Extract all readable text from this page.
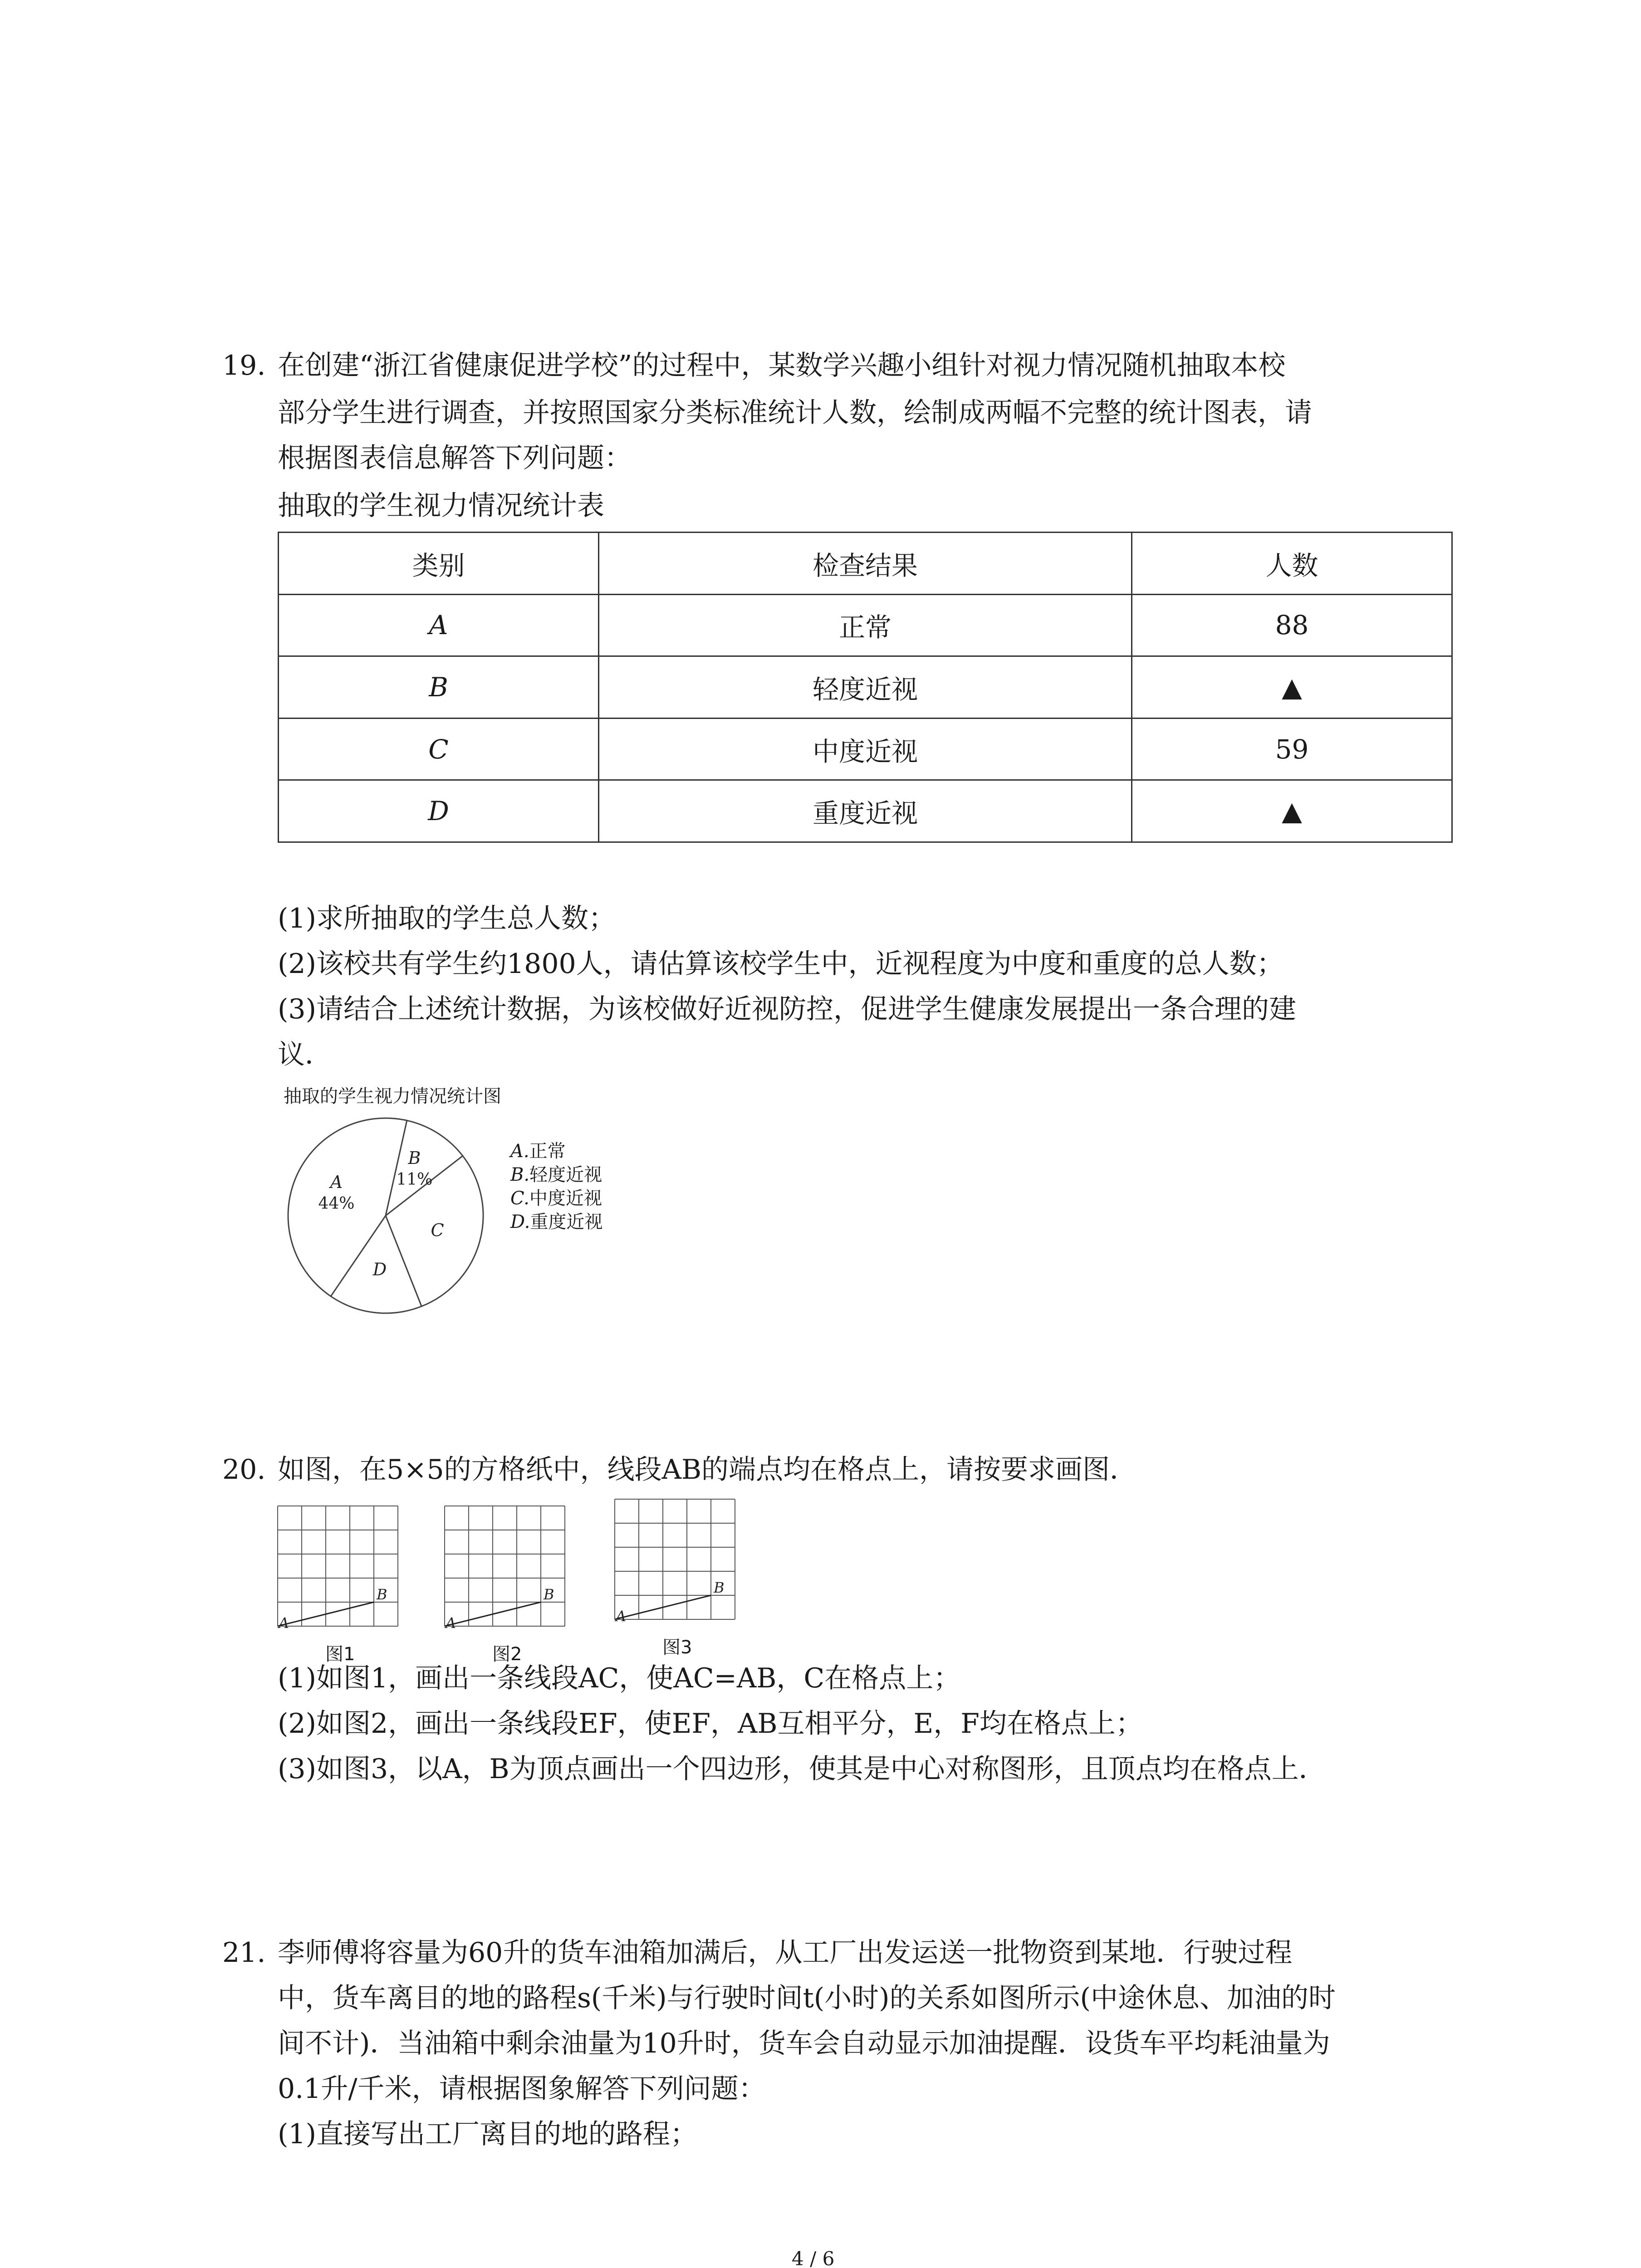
19. 在创建“浙江省健康促进学校”的过程中，某数学兴趣小组针对视力情况随机抽取本校
部分学生进行调查，并按照国家分类标准统计人数，绘制成两幅不完整的统计图表，请
根据图表信息解答下列问题：
抽取的学生视力情况统计表
类别	检查结果	人数
A	正常	88
B	轻度近视	▲
C	中度近视	59
D	重度近视	▲
(1)求所抽取的学生总人数；
(2)该校共有学生约1800人，请估算该校学生中，近视程度为中度和重度的总人数；
(3)请结合上述统计数据，为该校做好近视防控，促进学生健康发展提出一条合理的建
议．
抽取的学生视力情况统计图
A
44%
B
11%
C
D
A.正常
B.轻度近视
C.中度近视
D.重度近视
20. 如图，在5×5的方格纸中，线段AB的端点均在格点上，请按要求画图．
A
B
图1
A
B
图2
A
B
图3
(1)如图1，画出一条线段AC，使AC=AB，C在格点上；
(2)如图2，画出一条线段EF，使EF，AB互相平分，E，F均在格点上；
(3)如图3，以A，B为顶点画出一个四边形，使其是中心对称图形，且顶点均在格点上．
21. 李师傅将容量为60升的货车油箱加满后，从工厂出发运送一批物资到某地．行驶过程
中，货车离目的地的路程s(千米)与行驶时间t(小时)的关系如图所示(中途休息、加油的时
间不计)．当油箱中剩余油量为10升时，货车会自动显示加油提醒．设货车平均耗油量为
0.1升/千米，请根据图象解答下列问题：
(1)直接写出工厂离目的地的路程；
4 / 6
